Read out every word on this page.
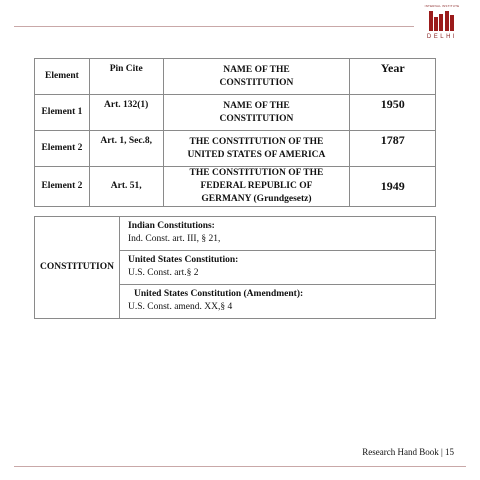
INTERNAL INSTITUTE
DELHI
Element	Pin Cite	NAME OF THE CONSTITUTION	Year
Element 1	Art. 132(1)	NAME OF THE CONSTITUTION	1950
Element 2	Art. 1, Sec.8,	THE CONSTITUTION OF THE UNITED STATES OF AMERICA	1787
Element 2	Art. 51,	THE CONSTITUTION OF THE FEDERAL REPUBLIC OF GERMANY (Grundgesetz)	1949
CONSTITUTION	
Indian Constitutions:
Ind. Const. art. III, § 21,

United States Constitution:
U.S. Const. art.§ 2

United States Constitution (Amendment):
U.S. Const. amend. XX,§ 4
Research Hand Book | 15
